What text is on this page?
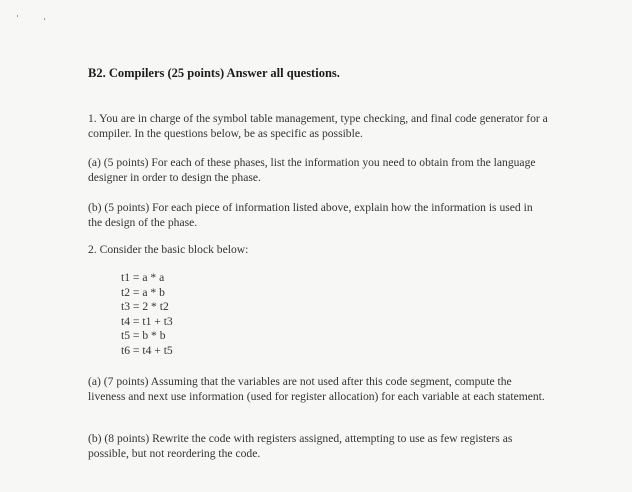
B2. Compilers (25 points) Answer all questions.
1. You are in charge of the symbol table management, type checking, and final code generator for a compiler. In the questions below, be as specific as possible.
(a) (5 points) For each of these phases, list the information you need to obtain from the language designer in order to design the phase.
(b) (5 points) For each piece of information listed above, explain how the information is used in the design of the phase.
2. Consider the basic block below:
t1 = a * a
t2 = a * b
t3 = 2 * t2
t4 = t1 + t3
t5 = b * b
t6 = t4 + t5
(a) (7 points) Assuming that the variables are not used after this code segment, compute the liveness and next use information (used for register allocation) for each variable at each statement.
(b) (8 points) Rewrite the code with registers assigned, attempting to use as few registers as possible, but not reordering the code.
